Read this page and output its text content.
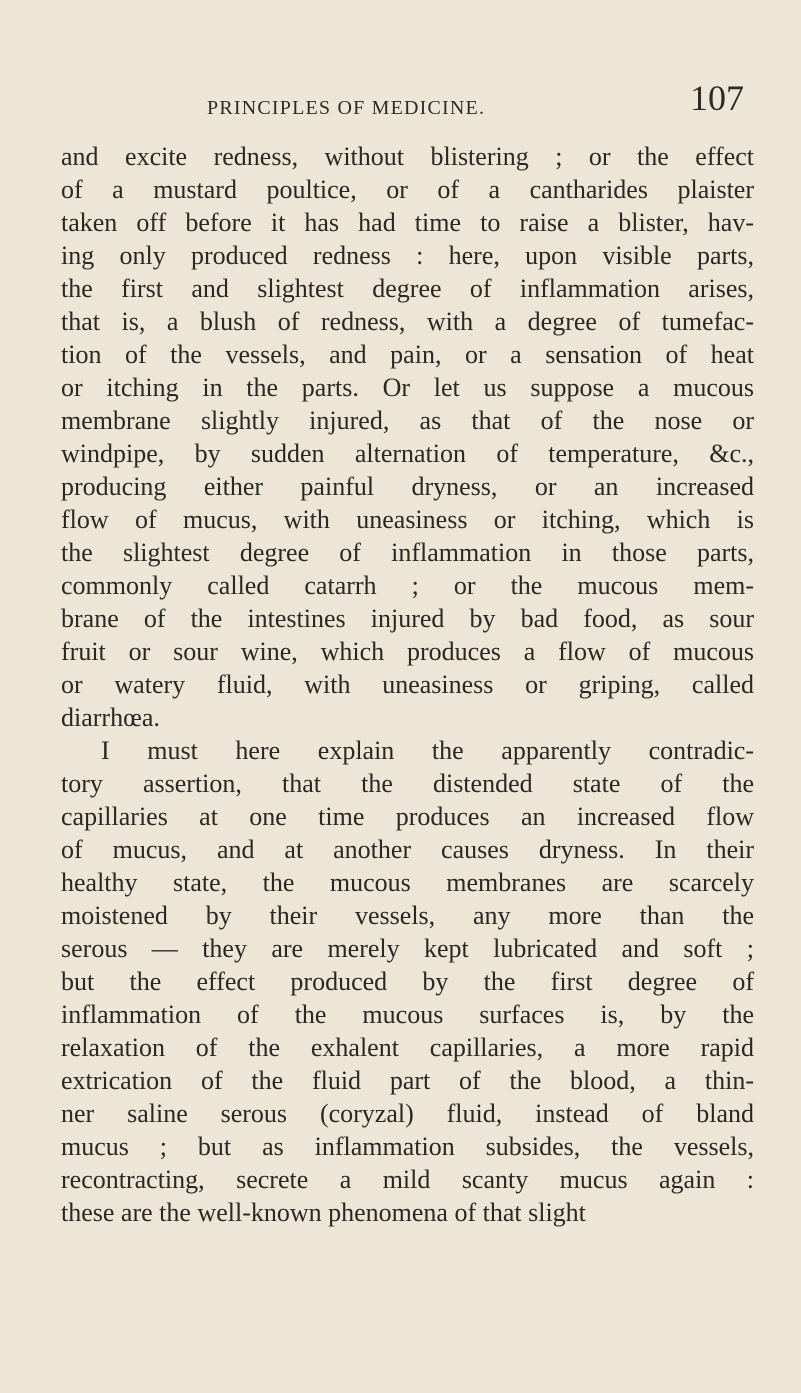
PRINCIPLES OF MEDICINE.	107
and excite redness, without blistering ; or the effect
of a mustard poultice, or of a cantharides plaister
taken off before it has had time to raise a blister, hav-
ing only produced redness : here, upon visible parts,
the first and slightest degree of inflammation arises,
that is, a blush of redness, with a degree of tumefac-
tion of the vessels, and pain, or a sensation of heat
or itching in the parts. Or let us suppose a mucous
membrane slightly injured, as that of the nose or
windpipe, by sudden alternation of temperature, &c.,
producing either painful dryness, or an increased
flow of mucus, with uneasiness or itching, which is
the slightest degree of inflammation in those parts,
commonly called catarrh ; or the mucous mem-
brane of the intestines injured by bad food, as sour
fruit or sour wine, which produces a flow of mucous
or watery fluid, with uneasiness or griping, called
diarrhœa.
I must here explain the apparently contradic-
tory assertion, that the distended state of the
capillaries at one time produces an increased flow
of mucus, and at another causes dryness. In their
healthy state, the mucous membranes are scarcely
moistened by their vessels, any more than the
serous — they are merely kept lubricated and soft ;
but the effect produced by the first degree of
inflammation of the mucous surfaces is, by the
relaxation of the exhalent capillaries, a more rapid
extrication of the fluid part of the blood, a thin-
ner saline serous (coryzal) fluid, instead of bland
mucus ; but as inflammation subsides, the vessels,
recontracting, secrete a mild scanty mucus again :
these are the well-known phenomena of that slight
